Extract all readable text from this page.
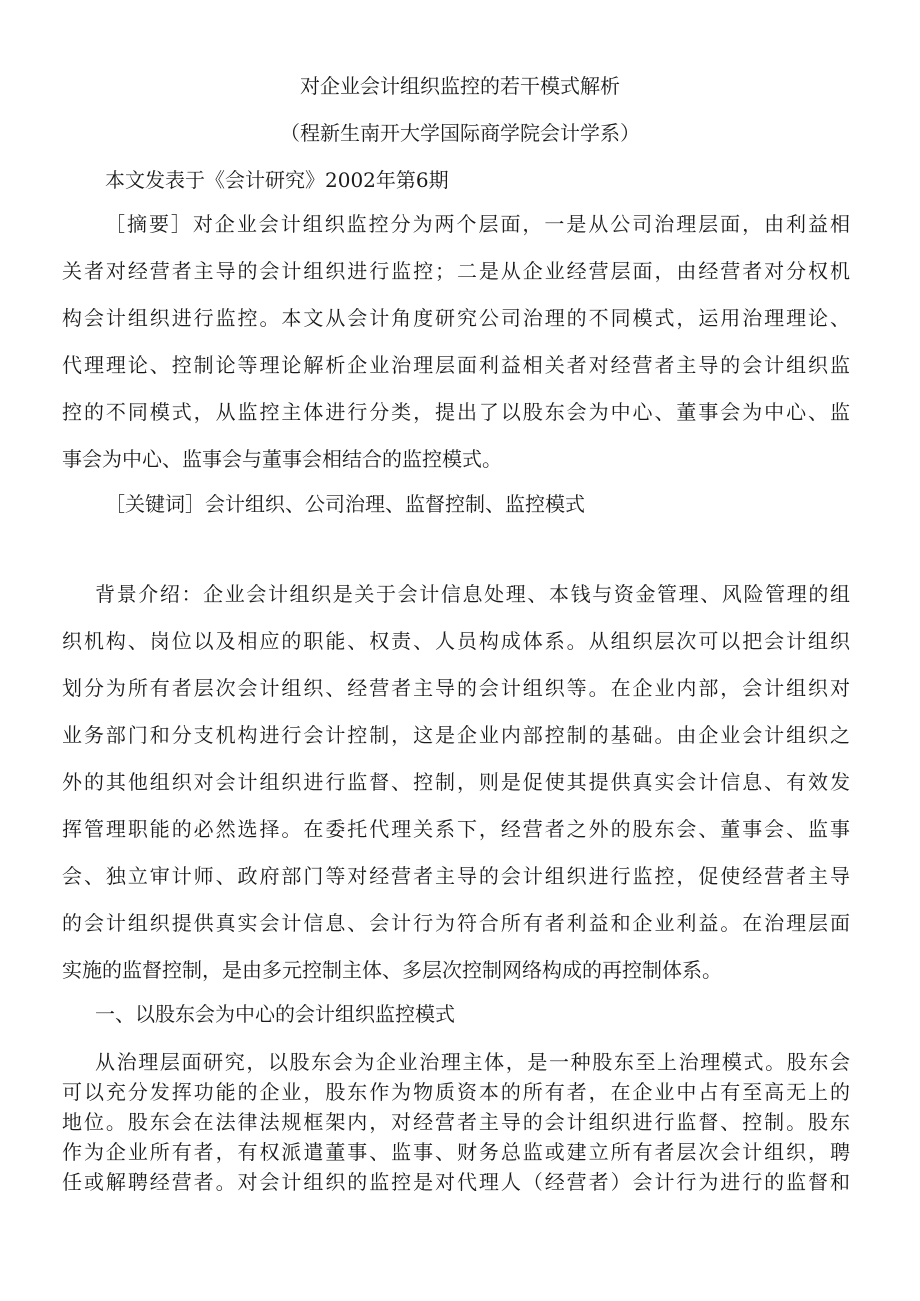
对企业会计组织监控的若干模式解析
（程新生南开大学国际商学院会计学系）
本文发表于《会计研究》2002年第6期
［摘要］对企业会计组织监控分为两个层面，一是从公司治理层面，由利益相
关者对经营者主导的会计组织进行监控；二是从企业经营层面，由经营者对分权机
构会计组织进行监控。本文从会计角度研究公司治理的不同模式，运用治理理论、
代理理论、控制论等理论解析企业治理层面利益相关者对经营者主导的会计组织监
控的不同模式，从监控主体进行分类，提出了以股东会为中心、董事会为中心、监
事会为中心、监事会与董事会相结合的监控模式。
［关键词］会计组织、公司治理、监督控制、监控模式
背景介绍：企业会计组织是关于会计信息处理、本钱与资金管理、风险管理的组
织机构、岗位以及相应的职能、权责、人员构成体系。从组织层次可以把会计组织
划分为所有者层次会计组织、经营者主导的会计组织等。在企业内部，会计组织对
业务部门和分支机构进行会计控制，这是企业内部控制的基础。由企业会计组织之
外的其他组织对会计组织进行监督、控制，则是促使其提供真实会计信息、有效发
挥管理职能的必然选择。在委托代理关系下，经营者之外的股东会、董事会、监事
会、独立审计师、政府部门等对经营者主导的会计组织进行监控，促使经营者主导
的会计组织提供真实会计信息、会计行为符合所有者利益和企业利益。在治理层面
实施的监督控制，是由多元控制主体、多层次控制网络构成的再控制体系。
一、以股东会为中心的会计组织监控模式
从治理层面研究，以股东会为企业治理主体，是一种股东至上治理模式。股东会
可以充分发挥功能的企业，股东作为物质资本的所有者，在企业中占有至高无上的
地位。股东会在法律法规框架内，对经营者主导的会计组织进行监督、控制。股东
作为企业所有者，有权派遣董事、监事、财务总监或建立所有者层次会计组织，聘
任或解聘经营者。对会计组织的监控是对代理人（经营者）会计行为进行的监督和
